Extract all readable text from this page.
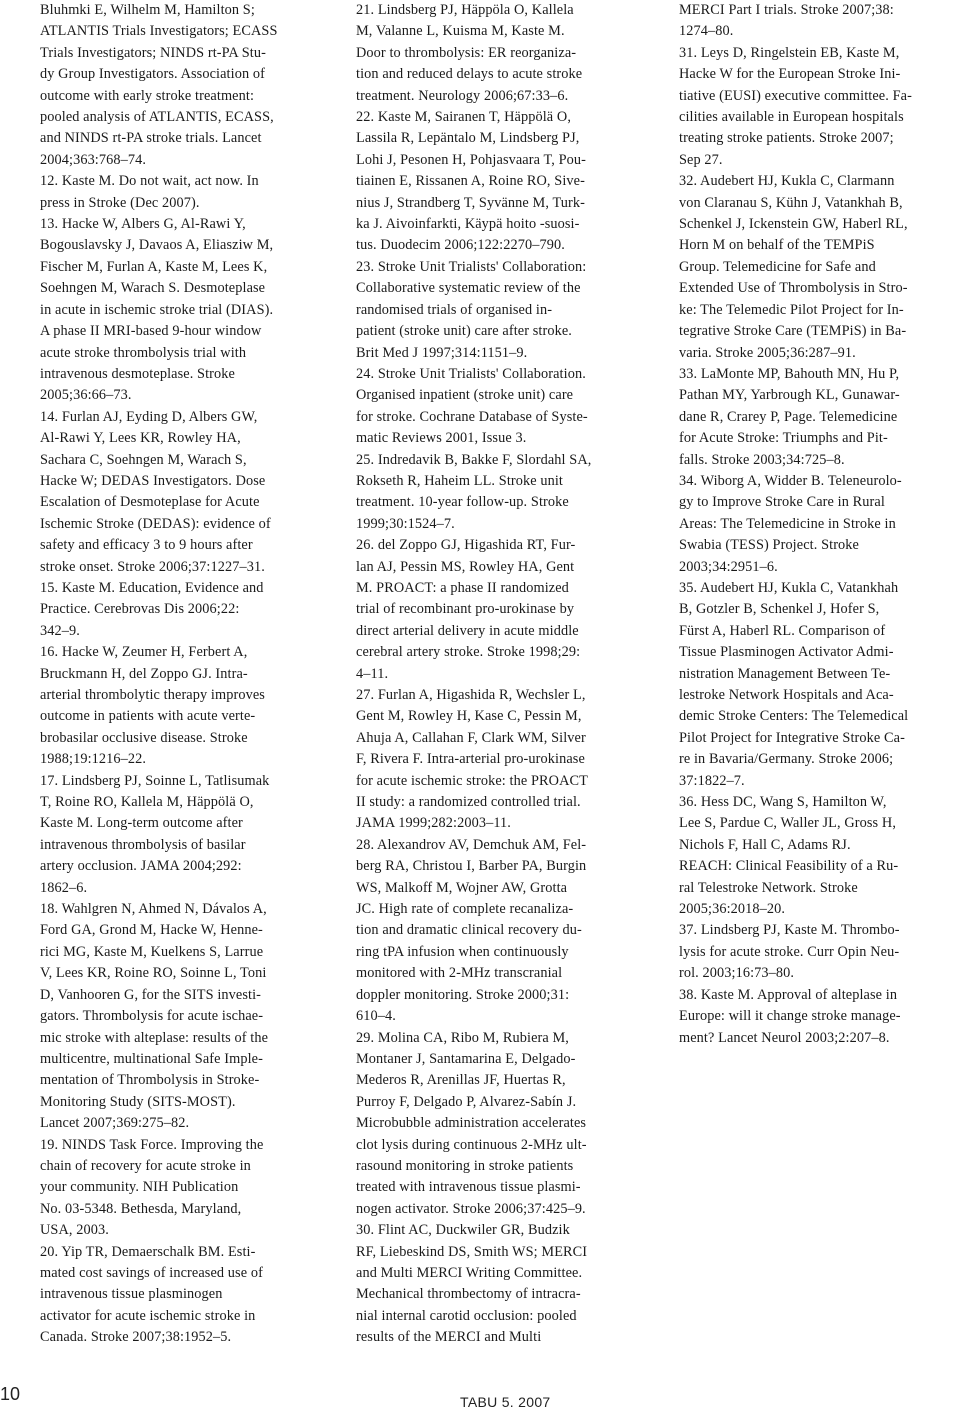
Bluhmki E, Wilhelm M, Hamilton S;
ATLANTIS Trials Investigators; ECASS
Trials Investigators; NINDS rt-PA Stu-
dy Group Investigators. Association of
outcome with early stroke treatment:
pooled analysis of ATLANTIS, ECASS,
and NINDS rt-PA stroke trials. Lancet
2004;363:768–74.
12. Kaste M. Do not wait, act now. In
press in Stroke (Dec 2007).
13. Hacke W, Albers G, Al-Rawi Y,
Bogouslavsky J, Davaos A, Eliasziw M,
Fischer M, Furlan A, Kaste M, Lees K,
Soehngen M, Warach S. Desmoteplase
in acute in ischemic stroke trial (DIAS).
A phase II MRI-based 9-hour window
acute stroke thrombolysis trial with
intravenous desmoteplase. Stroke
2005;36:66–73.
14. Furlan AJ, Eyding D, Albers GW,
Al-Rawi Y, Lees KR, Rowley HA,
Sachara C, Soehngen M, Warach S,
Hacke W; DEDAS Investigators. Dose
Escalation of Desmoteplase for Acute
Ischemic Stroke (DEDAS): evidence of
safety and efficacy 3 to 9 hours after
stroke onset. Stroke 2006;37:1227–31.
15. Kaste M. Education, Evidence and
Practice. Cerebrovas Dis 2006;22:
342–9.
16. Hacke W, Zeumer H, Ferbert A,
Bruckmann H, del Zoppo GJ. Intra-
arterial thrombolytic therapy improves
outcome in patients with acute verte-
brobasilar occlusive disease. Stroke
1988;19:1216–22.
17. Lindsberg PJ, Soinne L, Tatlisumak
T, Roine RO, Kallela M, Häppölä O,
Kaste M. Long-term outcome after
intravenous thrombolysis of basilar
artery occlusion. JAMA 2004;292:
1862–6.
18. Wahlgren N, Ahmed N, Dávalos A,
Ford GA, Grond M, Hacke W, Henne-
rici MG, Kaste M, Kuelkens S, Larrue
V, Lees KR, Roine RO, Soinne L, Toni
D, Vanhooren G, for the SITS investi-
gators. Thrombolysis for acute ischae-
mic stroke with alteplase: results of the
multicentre, multinational Safe Imple-
mentation of Thrombolysis in Stroke-
Monitoring Study (SITS-MOST).
Lancet 2007;369:275–82.
19. NINDS Task Force. Improving the
chain of recovery for acute stroke in
your community. NIH Publication
No. 03-5348. Bethesda, Maryland,
USA, 2003.
20. Yip TR, Demaerschalk BM. Esti-
mated cost savings of increased use of
intravenous tissue plasminogen
activator for acute ischemic stroke in
Canada. Stroke 2007;38:1952–5.
21. Lindsberg PJ, Häppöla O, Kallela
M, Valanne L, Kuisma M, Kaste M.
Door to thrombolysis: ER reorganiza-
tion and reduced delays to acute stroke
treatment. Neurology 2006;67:33–6.
22. Kaste M, Sairanen T, Häppölä O,
Lassila R, Lepäntalo M, Lindsberg PJ,
Lohi J, Pesonen H, Pohjasvaara T, Pou-
tiainen E, Rissanen A, Roine RO, Sive-
nius J, Strandberg T, Syvänne M, Turk-
ka J. Aivoinfarkti, Käypä hoito -suosi-
tus. Duodecim 2006;122:2270–790.
23. Stroke Unit Trialists' Collaboration:
Collaborative systematic review of the
randomised trials of organised in-
patient (stroke unit) care after stroke.
Brit Med J 1997;314:1151–9.
24. Stroke Unit Trialists' Collaboration.
Organised inpatient (stroke unit) care
for stroke. Cochrane Database of Syste-
matic Reviews 2001, Issue 3.
25. Indredavik B, Bakke F, Slordahl SA,
Rokseth R, Haheim LL. Stroke unit
treatment. 10-year follow-up. Stroke
1999;30:1524–7.
26. del Zoppo GJ, Higashida RT, Fur-
lan AJ, Pessin MS, Rowley HA, Gent
M. PROACT: a phase II randomized
trial of recombinant pro-urokinase by
direct arterial delivery in acute middle
cerebral artery stroke. Stroke 1998;29:
4–11.
27. Furlan A, Higashida R, Wechsler L,
Gent M, Rowley H, Kase C, Pessin M,
Ahuja A, Callahan F, Clark WM, Silver
F, Rivera F. Intra-arterial pro-urokinase
for acute ischemic stroke: the PROACT
II study: a randomized controlled trial.
JAMA 1999;282:2003–11.
28. Alexandrov AV, Demchuk AM, Fel-
berg RA, Christou I, Barber PA, Burgin
WS, Malkoff M, Wojner AW, Grotta
JC. High rate of complete recanaliza-
tion and dramatic clinical recovery du-
ring tPA infusion when continuously
monitored with 2-MHz transcranial
doppler monitoring. Stroke 2000;31:
610–4.
29. Molina CA, Ribo M, Rubiera M,
Montaner J, Santamarina E, Delgado-
Mederos R, Arenillas JF, Huertas R,
Purroy F, Delgado P, Alvarez-Sabín J.
Microbubble administration accelerates
clot lysis during continuous 2-MHz ult-
rasound monitoring in stroke patients
treated with intravenous tissue plasmi-
nogen activator. Stroke 2006;37:425–9.
30. Flint AC, Duckwiler GR, Budzik
RF, Liebeskind DS, Smith WS; MERCI
and Multi MERCI Writing Committee.
Mechanical thrombectomy of intracra-
nial internal carotid occlusion: pooled
results of the MERCI and Multi
MERCI Part I trials. Stroke 2007;38:
1274–80.
31. Leys D, Ringelstein EB, Kaste M,
Hacke W for the European Stroke Ini-
tiative (EUSI) executive committee. Fa-
cilities available in European hospitals
treating stroke patients. Stroke 2007;
Sep 27.
32. Audebert HJ, Kukla C, Clarmann
von Claranau S, Kühn J, Vatankhah B,
Schenkel J, Ickenstein GW, Haberl RL,
Horn M on behalf of the TEMPiS
Group. Telemedicine for Safe and
Extended Use of Thrombolysis in Stro-
ke: The Telemedic Pilot Project for In-
tegrative Stroke Care (TEMPiS) in Ba-
varia. Stroke 2005;36:287–91.
33. LaMonte MP, Bahouth MN, Hu P,
Pathan MY, Yarbrough KL, Gunawar-
dane R, Crarey P, Page. Telemedicine
for Acute Stroke: Triumphs and Pit-
falls. Stroke 2003;34:725–8.
34. Wiborg A, Widder B. Teleneurolo-
gy to Improve Stroke Care in Rural
Areas: The Telemedicine in Stroke in
Swabia (TESS) Project. Stroke
2003;34:2951–6.
35. Audebert HJ, Kukla C, Vatankhah
B, Gotzler B, Schenkel J, Hofer S,
Fürst A, Haberl RL. Comparison of
Tissue Plasminogen Activator Admi-
nistration Management Between Te-
lestroke Network Hospitals and Aca-
demic Stroke Centers: The Telemedical
Pilot Project for Integrative Stroke Ca-
re in Bavaria/Germany. Stroke 2006;
37:1822–7.
36. Hess DC, Wang S, Hamilton W,
Lee S, Pardue C, Waller JL, Gross H,
Nichols F, Hall C, Adams RJ.
REACH: Clinical Feasibility of a Ru-
ral Telestroke Network. Stroke
2005;36:2018–20.
37. Lindsberg PJ, Kaste M. Thrombo-
lysis for acute stroke. Curr Opin Neu-
rol. 2003;16:73–80.
38. Kaste M. Approval of alteplase in
Europe: will it change stroke manage-
ment? Lancet Neurol 2003;2:207–8.
10	TABU 5. 2007
